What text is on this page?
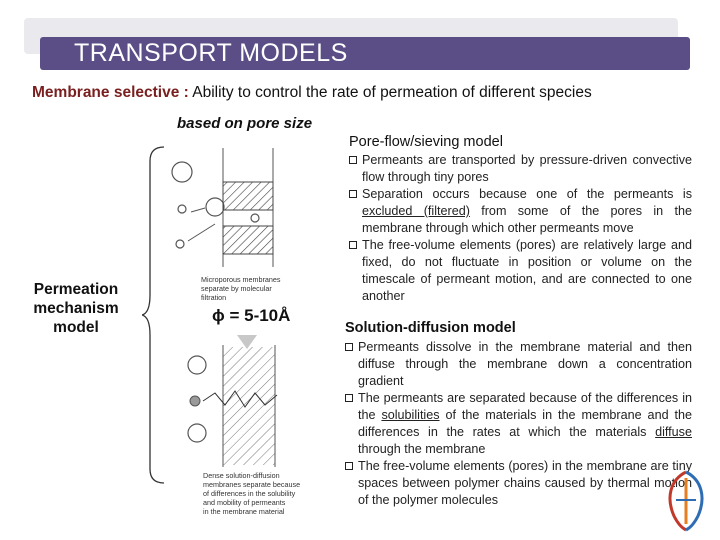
TRANSPORT MODELS
Membrane selective : Ability to control the rate of permeation of different species
based on pore size
Permeation
mechanism
model
Microporous membranes
separate by molecular
filtration
ϕ = 5-10Å
Dense solution-diffusion
membranes separate because
of differences in the solubility
and mobility of permeants
in the membrane material
Pore-flow/sieving model
Permeants are transported by pressure-driven convective flow through tiny pores
Separation occurs because one of the permeants is excluded (filtered) from some of the pores in the membrane through which other permeants move
The free-volume elements (pores) are relatively large and fixed, do not fluctuate in position or volume on the timescale of permeant motion, and are connected to one another
Solution-diffusion model
Permeants dissolve in the membrane material and then diffuse through the membrane down a concentration gradient
The permeants are separated because of the differences in the solubilities of the materials in the membrane and the differences in the rates at which the materials diffuse through the membrane
The free-volume elements (pores) in the membrane are tiny spaces between polymer chains caused by thermal motion of the polymer molecules
